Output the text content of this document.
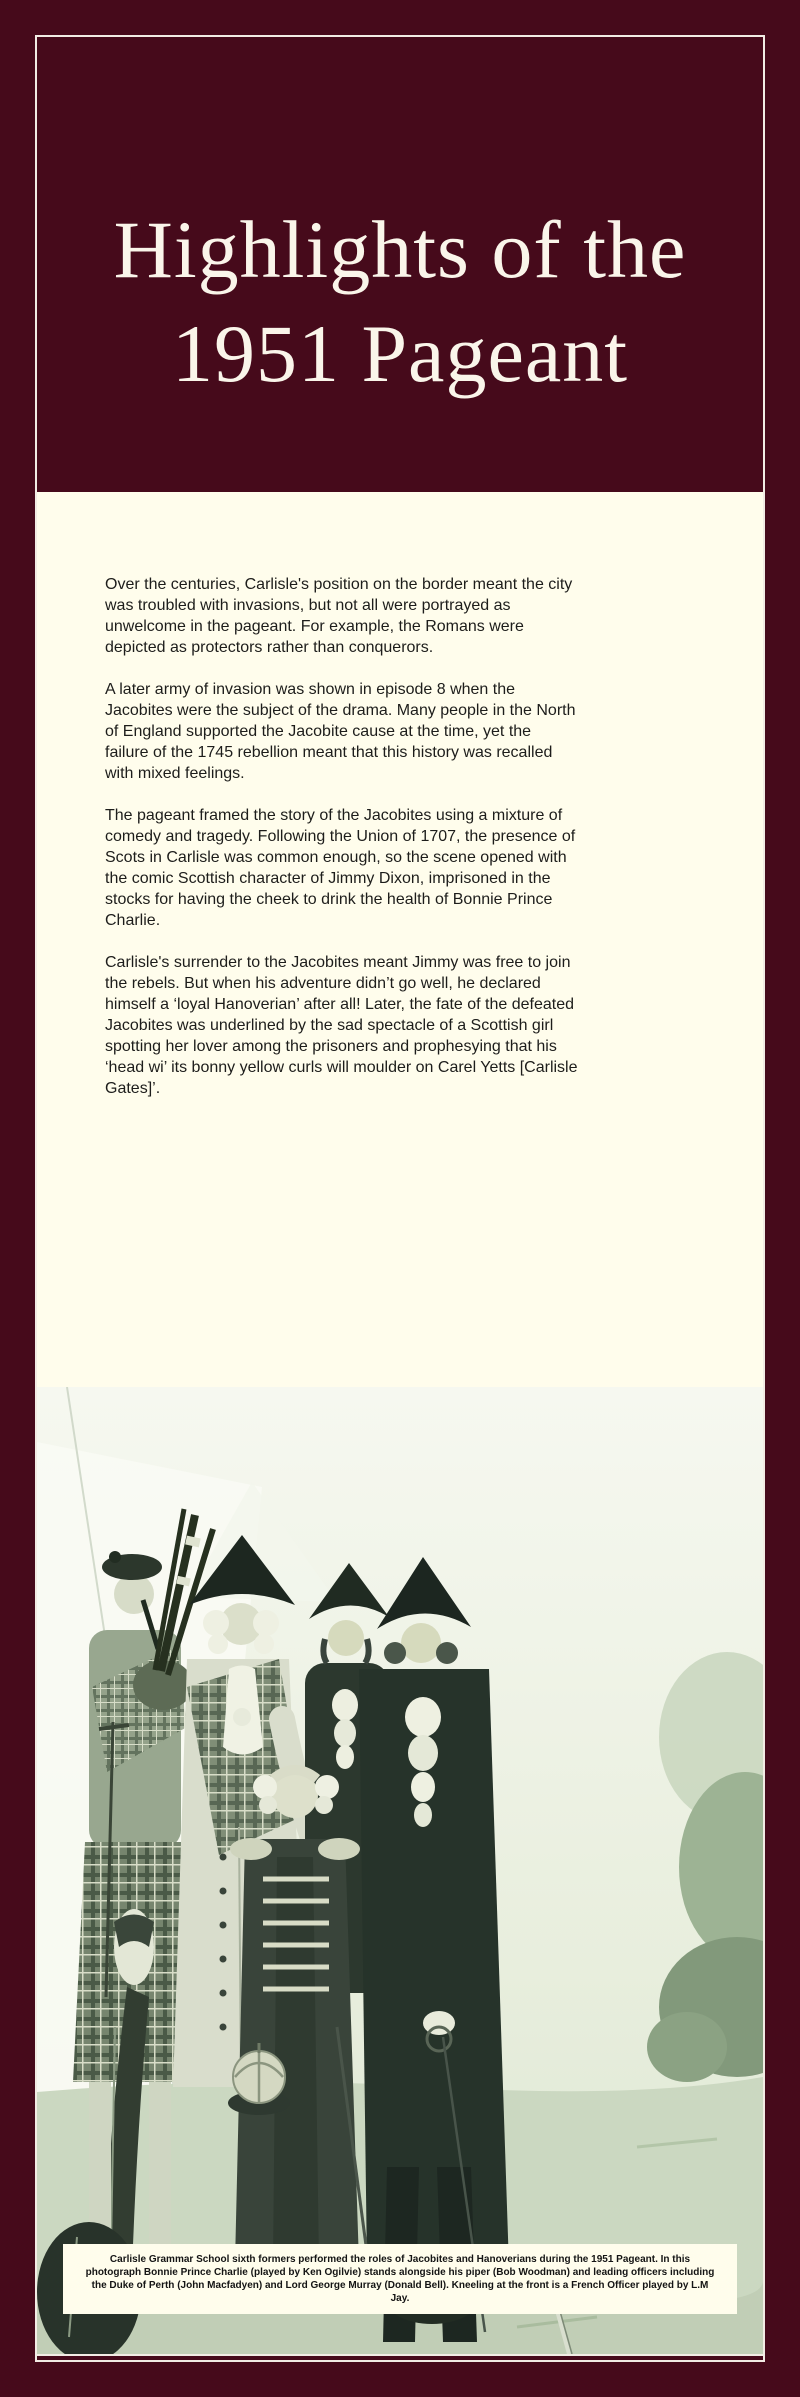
Highlights of the
1951 Pageant

Over the centuries, Carlisle's position on the border meant the city was troubled with invasions, but not all were portrayed as unwelcome in the pageant. For example, the Romans were depicted as protectors rather than conquerors.

A later army of invasion was shown in episode 8 when the Jacobites were the subject of the drama. Many people in the North of England supported the Jacobite cause at the time, yet the failure of the 1745 rebellion meant that this history was recalled with mixed feelings.

The pageant framed the story of the Jacobites using a mixture of comedy and tragedy. Following the Union of 1707, the presence of Scots in Carlisle was common enough, so the scene opened with the comic Scottish character of Jimmy Dixon, imprisoned in the stocks for having the cheek to drink the health of Bonnie Prince Charlie.

Carlisle's surrender to the Jacobites meant Jimmy was free to join the rebels. But when his adventure didn’t go well, he declared himself a ‘loyal Hanoverian’ after all! Later, the fate of the defeated Jacobites was underlined by the sad spectacle of a Scottish girl spotting her lover among the prisoners and prophesying that his ‘head wi’ its bonny yellow curls will moulder on Carel Yetts [Carlisle Gates]’.

Carlisle Grammar School sixth formers performed the roles of Jacobites and Hanoverians during the 1951 Pageant. In this photograph Bonnie Prince Charlie (played by Ken Ogilvie) stands alongside his piper (Bob Woodman) and leading officers including the Duke of Perth (John Macfadyen) and Lord George Murray (Donald Bell). Kneeling at the front is a French Officer played by L.M Jay.
